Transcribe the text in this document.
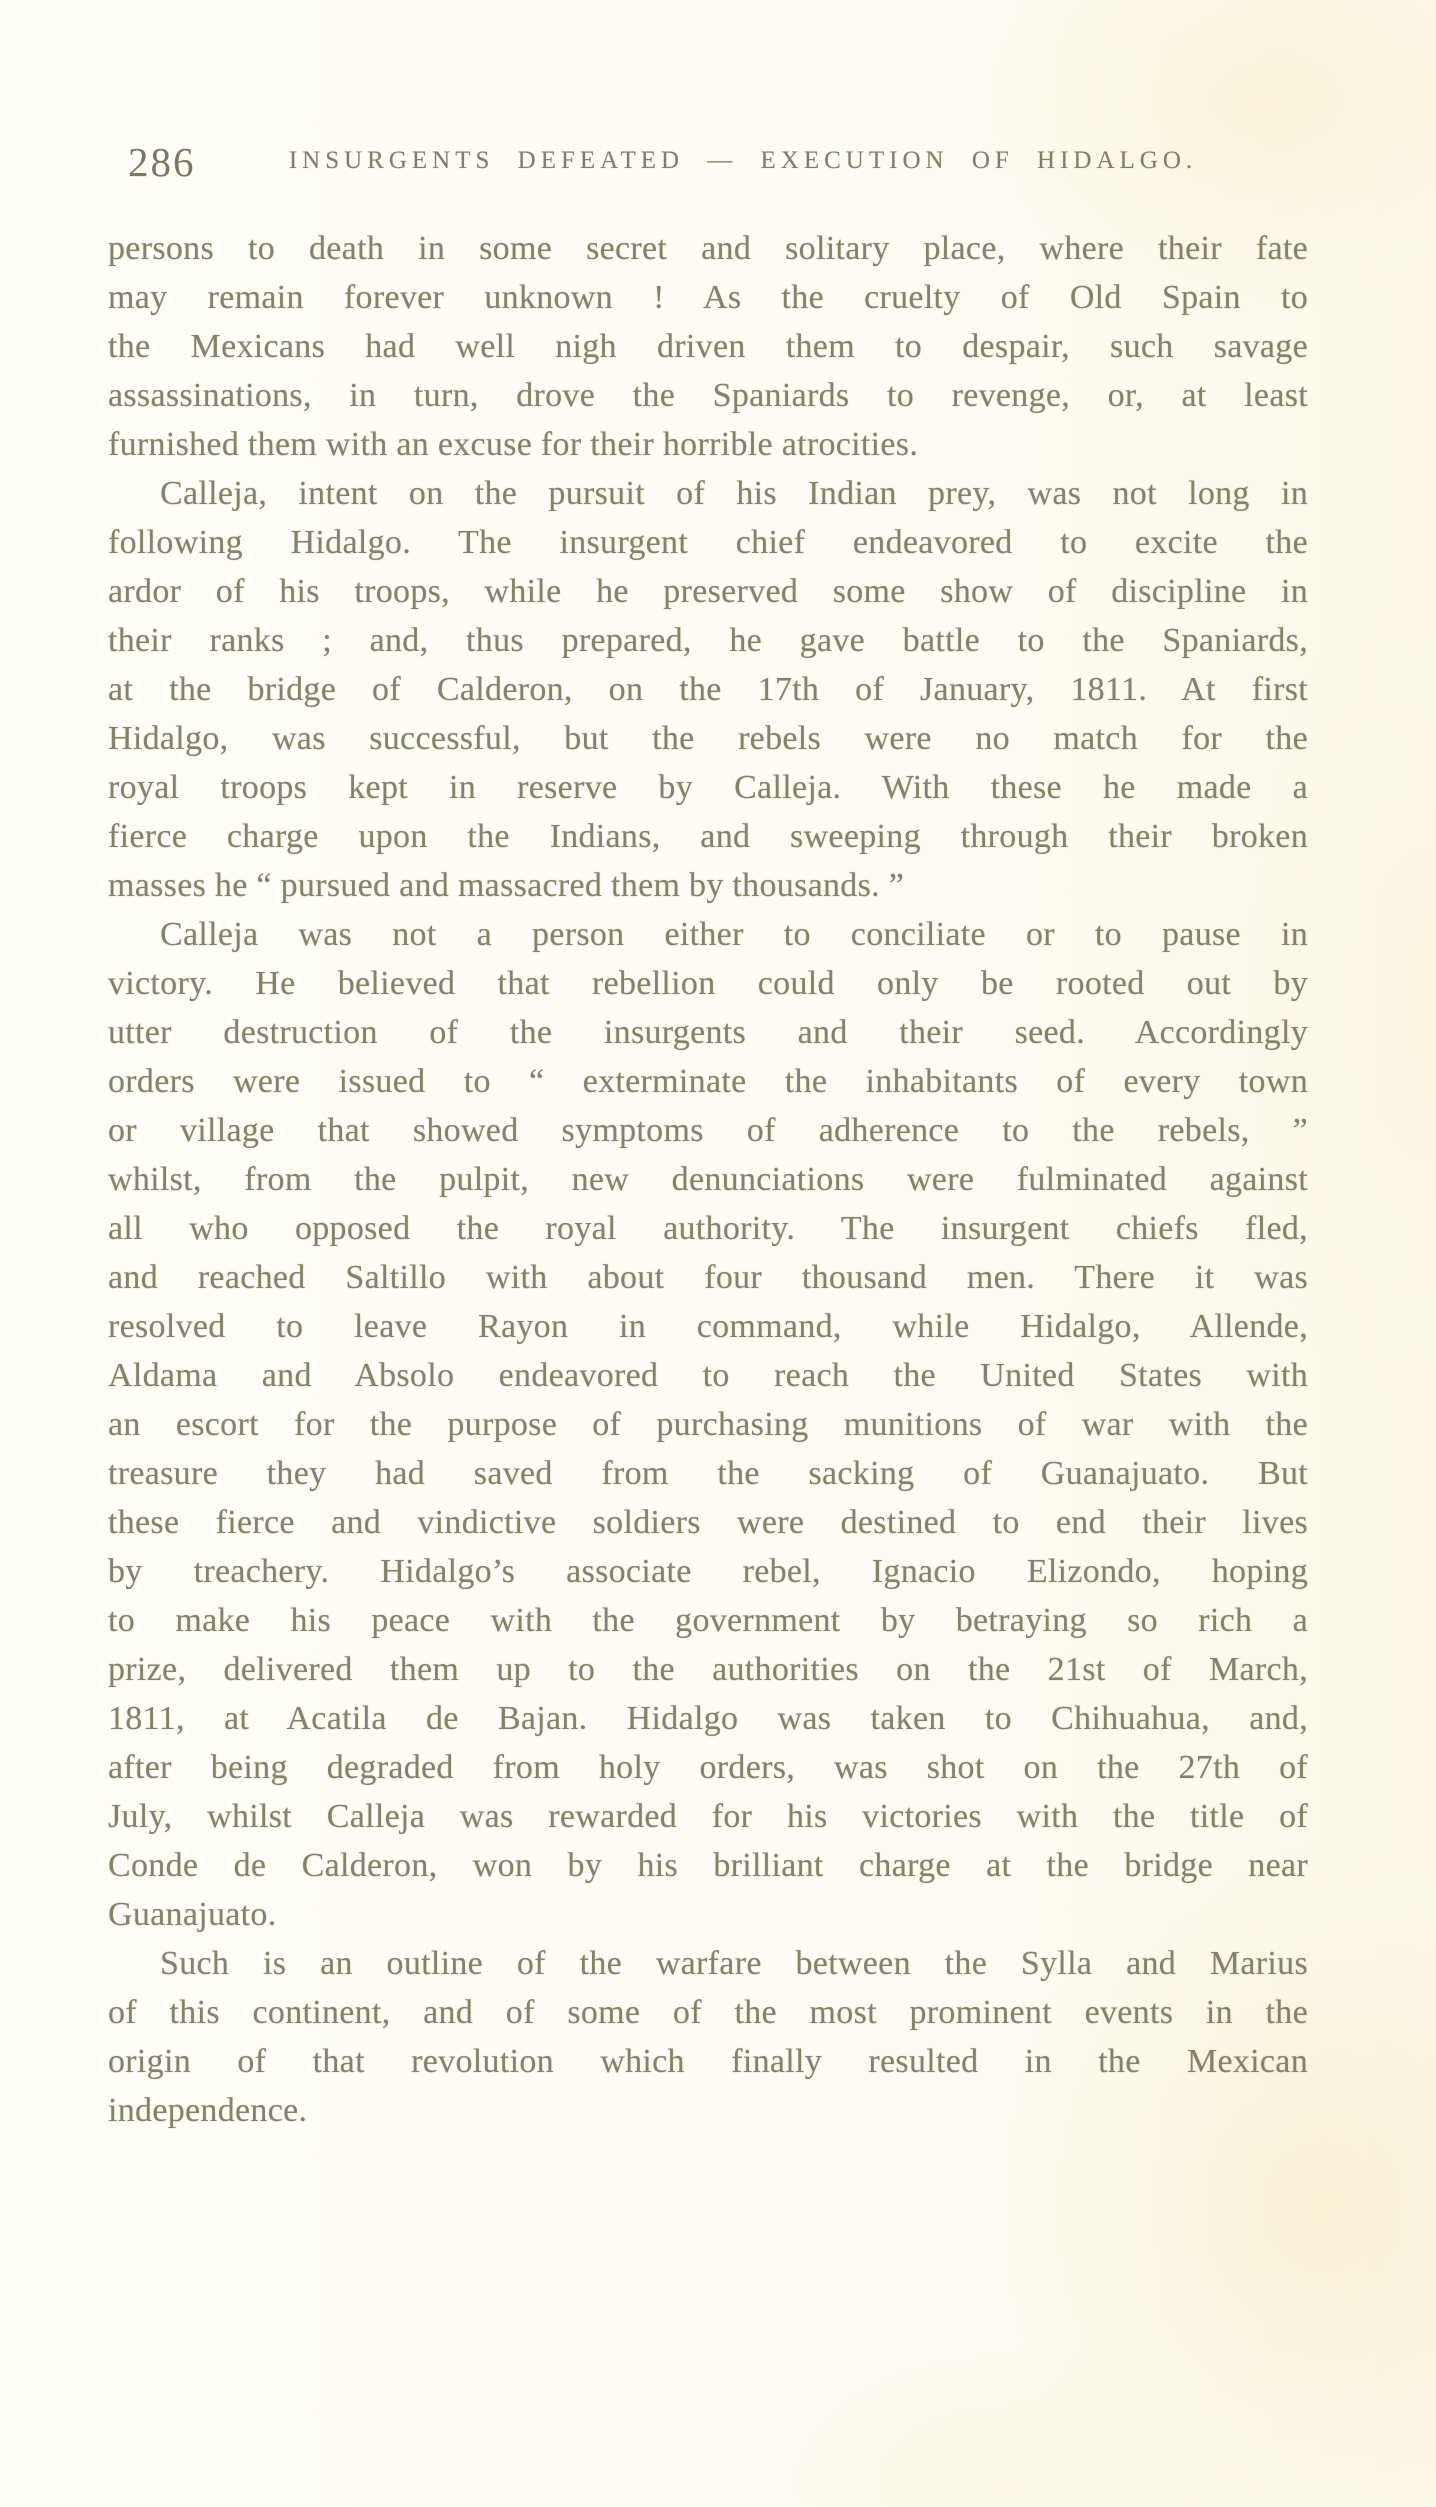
286	INSURGENTS DEFEATED — EXECUTION OF HIDALGO.
persons to death in some secret and solitary place, where their fate
may remain forever unknown ! As the cruelty of Old Spain to
the Mexicans had well nigh driven them to despair, such savage
assassinations, in turn, drove the Spaniards to revenge, or, at least
furnished them with an excuse for their horrible atrocities.
Calleja, intent on the pursuit of his Indian prey, was not long in
following Hidalgo. The insurgent chief endeavored to excite the
ardor of his troops, while he preserved some show of discipline in
their ranks ; and, thus prepared, he gave battle to the Spaniards,
at the bridge of Calderon, on the 17th of January, 1811. At first
Hidalgo, was successful, but the rebels were no match for the
royal troops kept in reserve by Calleja. With these he made a
fierce charge upon the Indians, and sweeping through their broken
masses he “ pursued and massacred them by thousands. ”
Calleja was not a person either to conciliate or to pause in
victory. He believed that rebellion could only be rooted out by
utter destruction of the insurgents and their seed. Accordingly
orders were issued to “ exterminate the inhabitants of every town
or village that showed symptoms of adherence to the rebels, ”
whilst, from the pulpit, new denunciations were fulminated against
all who opposed the royal authority. The insurgent chiefs fled,
and reached Saltillo with about four thousand men. There it was
resolved to leave Rayon in command, while Hidalgo, Allende,
Aldama and Absolo endeavored to reach the United States with
an escort for the purpose of purchasing munitions of war with the
treasure they had saved from the sacking of Guanajuato. But
these fierce and vindictive soldiers were destined to end their lives
by treachery. Hidalgo’s associate rebel, Ignacio Elizondo, hoping
to make his peace with the government by betraying so rich a
prize, delivered them up to the authorities on the 21st of March,
1811, at Acatila de Bajan. Hidalgo was taken to Chihuahua, and,
after being degraded from holy orders, was shot on the 27th of
July, whilst Calleja was rewarded for his victories with the title of
Conde de Calderon, won by his brilliant charge at the bridge near
Guanajuato.
Such is an outline of the warfare between the Sylla and Marius
of this continent, and of some of the most prominent events in the
origin of that revolution which finally resulted in the Mexican
independence.
